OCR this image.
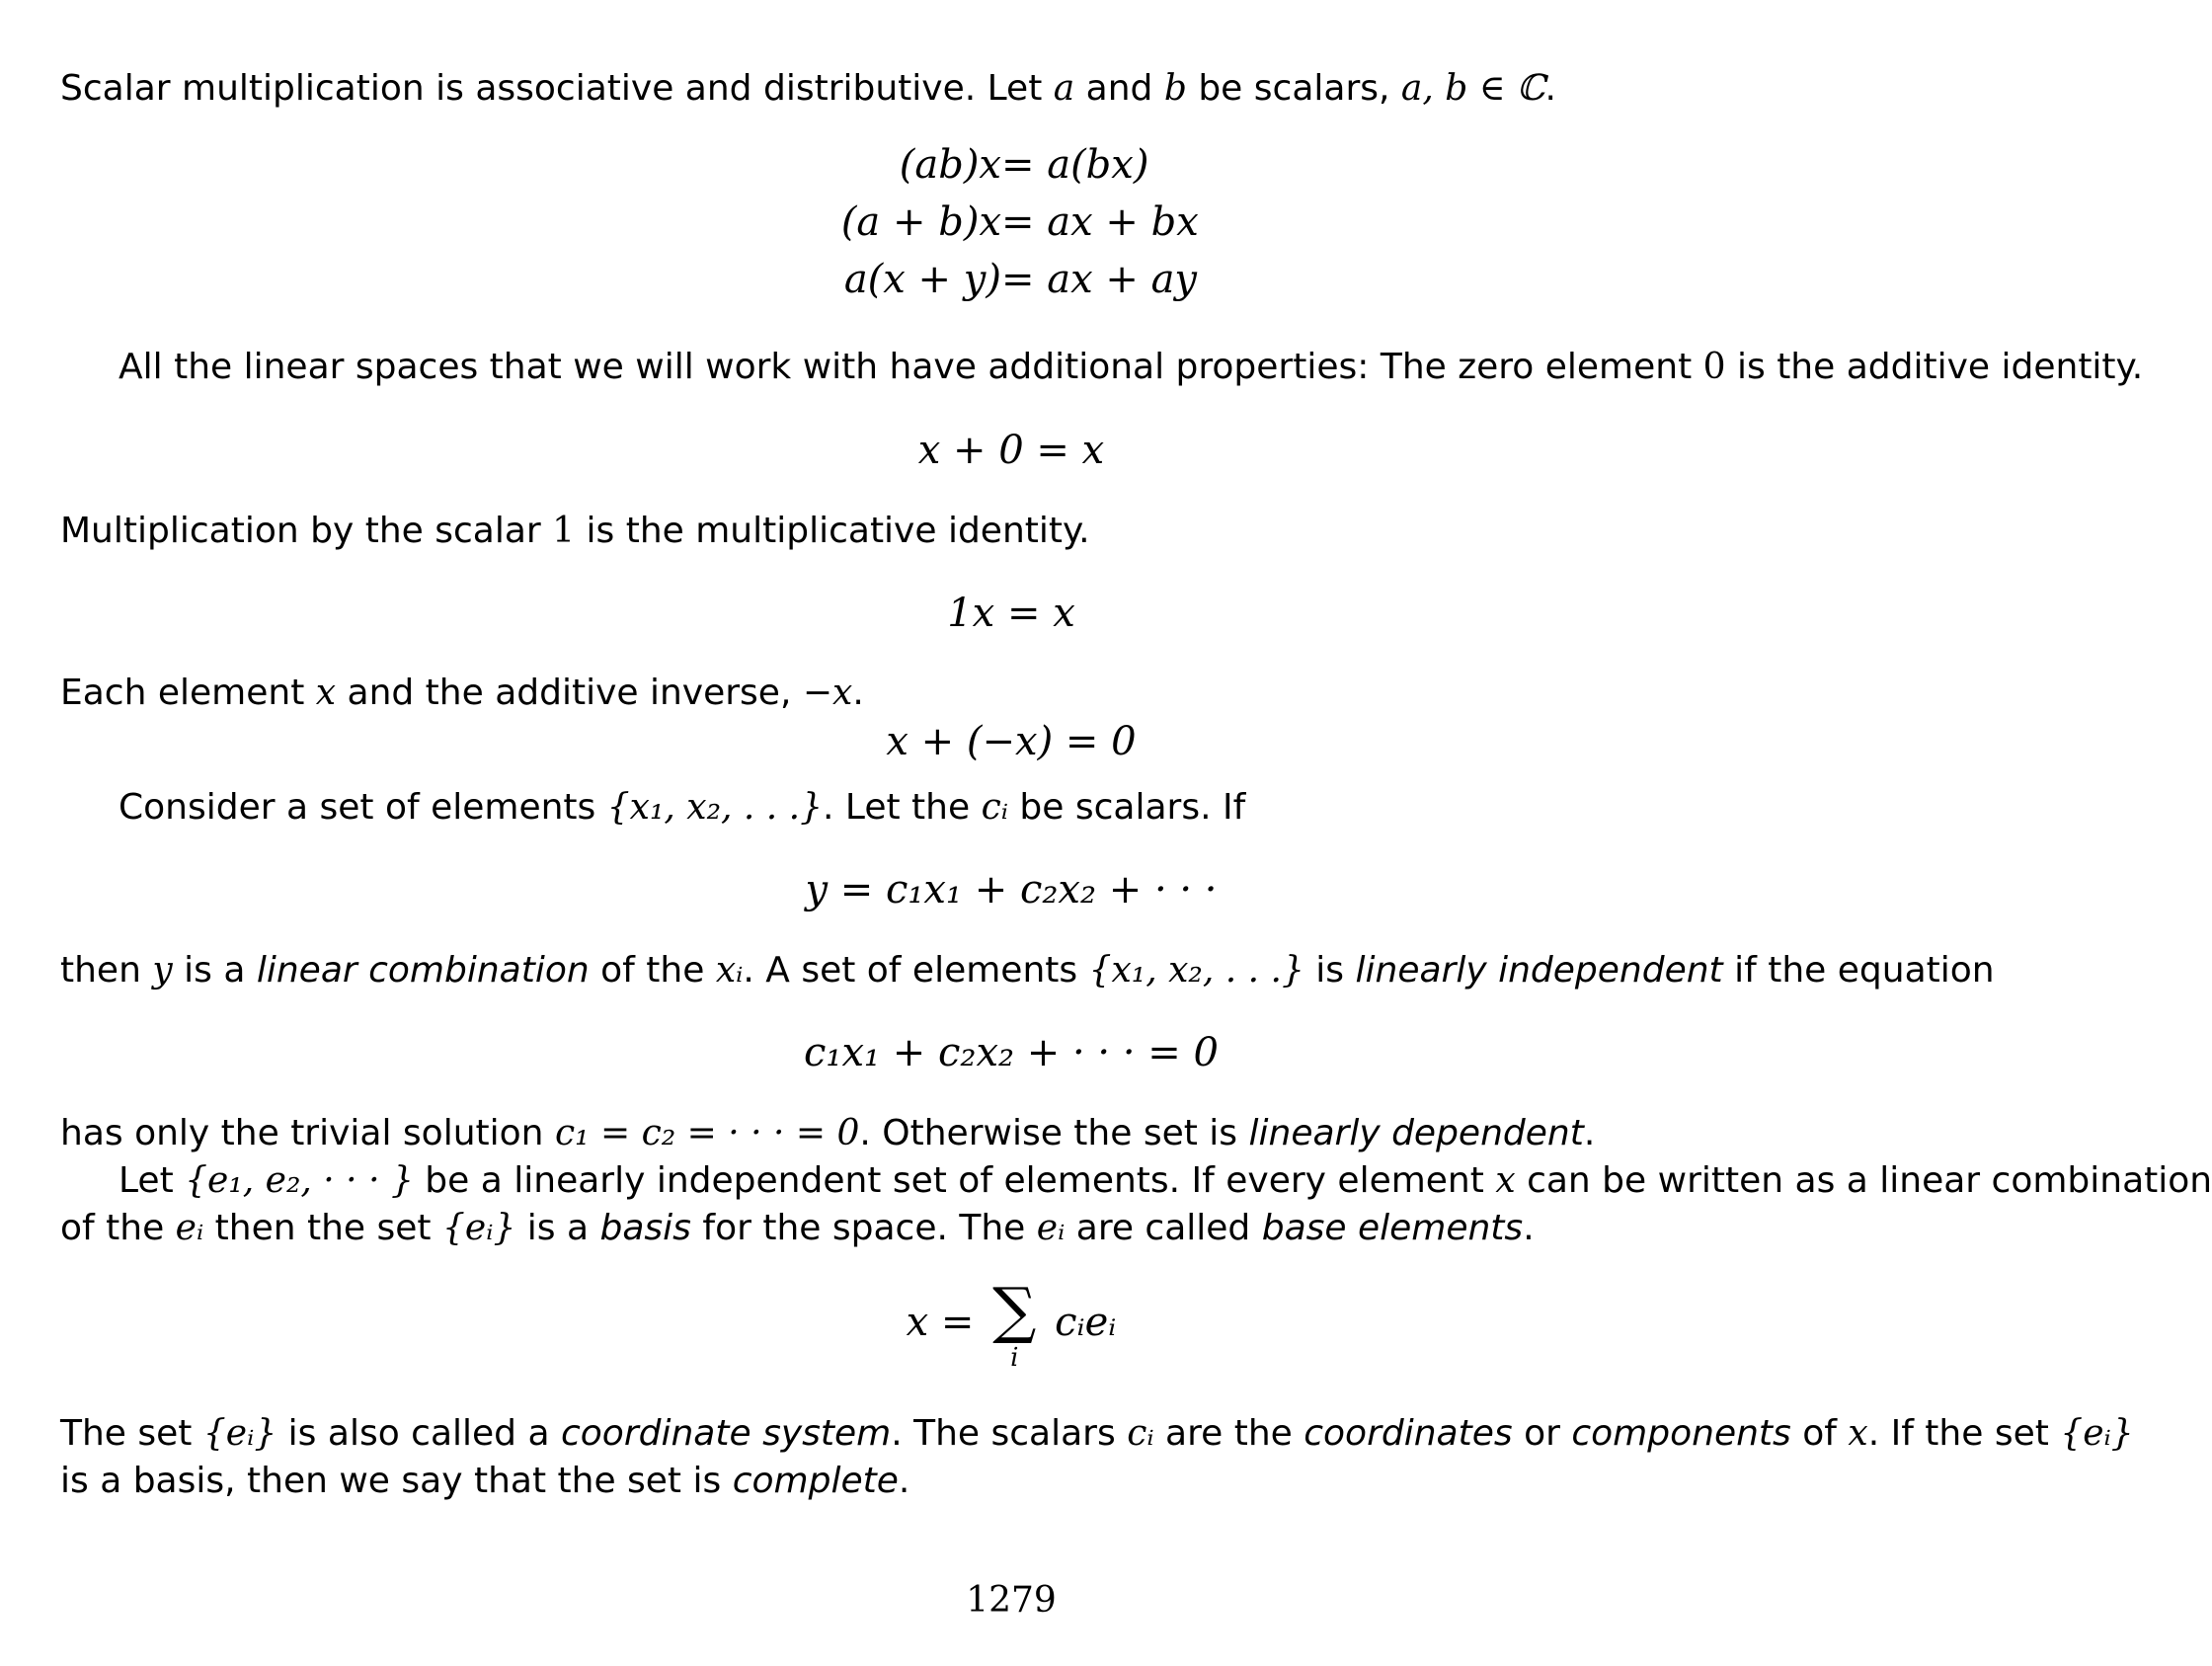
Scalar multiplication is associative and distributive. Let a and b be scalars, a, b ∈ ℂ.
(ab)x = a(bx)
(a + b)x = ax + bx
a(x + y) = ax + ay
All the linear spaces that we will work with have additional properties: The zero element 0 is the additive identity.
x + 0 = x
Multiplication by the scalar 1 is the multiplicative identity.
1x = x
Each element x and the additive inverse, −x.
x + (−x) = 0
Consider a set of elements {x₁, x₂, . . .}. Let the cᵢ be scalars. If
y = c₁x₁ + c₂x₂ + · · ·
then y is a linear combination of the xᵢ. A set of elements {x₁, x₂, . . .} is linearly independent if the equation
c₁x₁ + c₂x₂ + · · · = 0
has only the trivial solution c₁ = c₂ = · · · = 0. Otherwise the set is linearly dependent.
Let {e₁, e₂, · · · } be a linearly independent set of elements. If every element x can be written as a linear combination
of the eᵢ then the set {eᵢ} is a basis for the space. The eᵢ are called base elements.
x = ∑
i
cᵢeᵢ
The set {eᵢ} is also called a coordinate system. The scalars cᵢ are the coordinates or components of x. If the set {eᵢ}
is a basis, then we say that the set is complete.
1279
